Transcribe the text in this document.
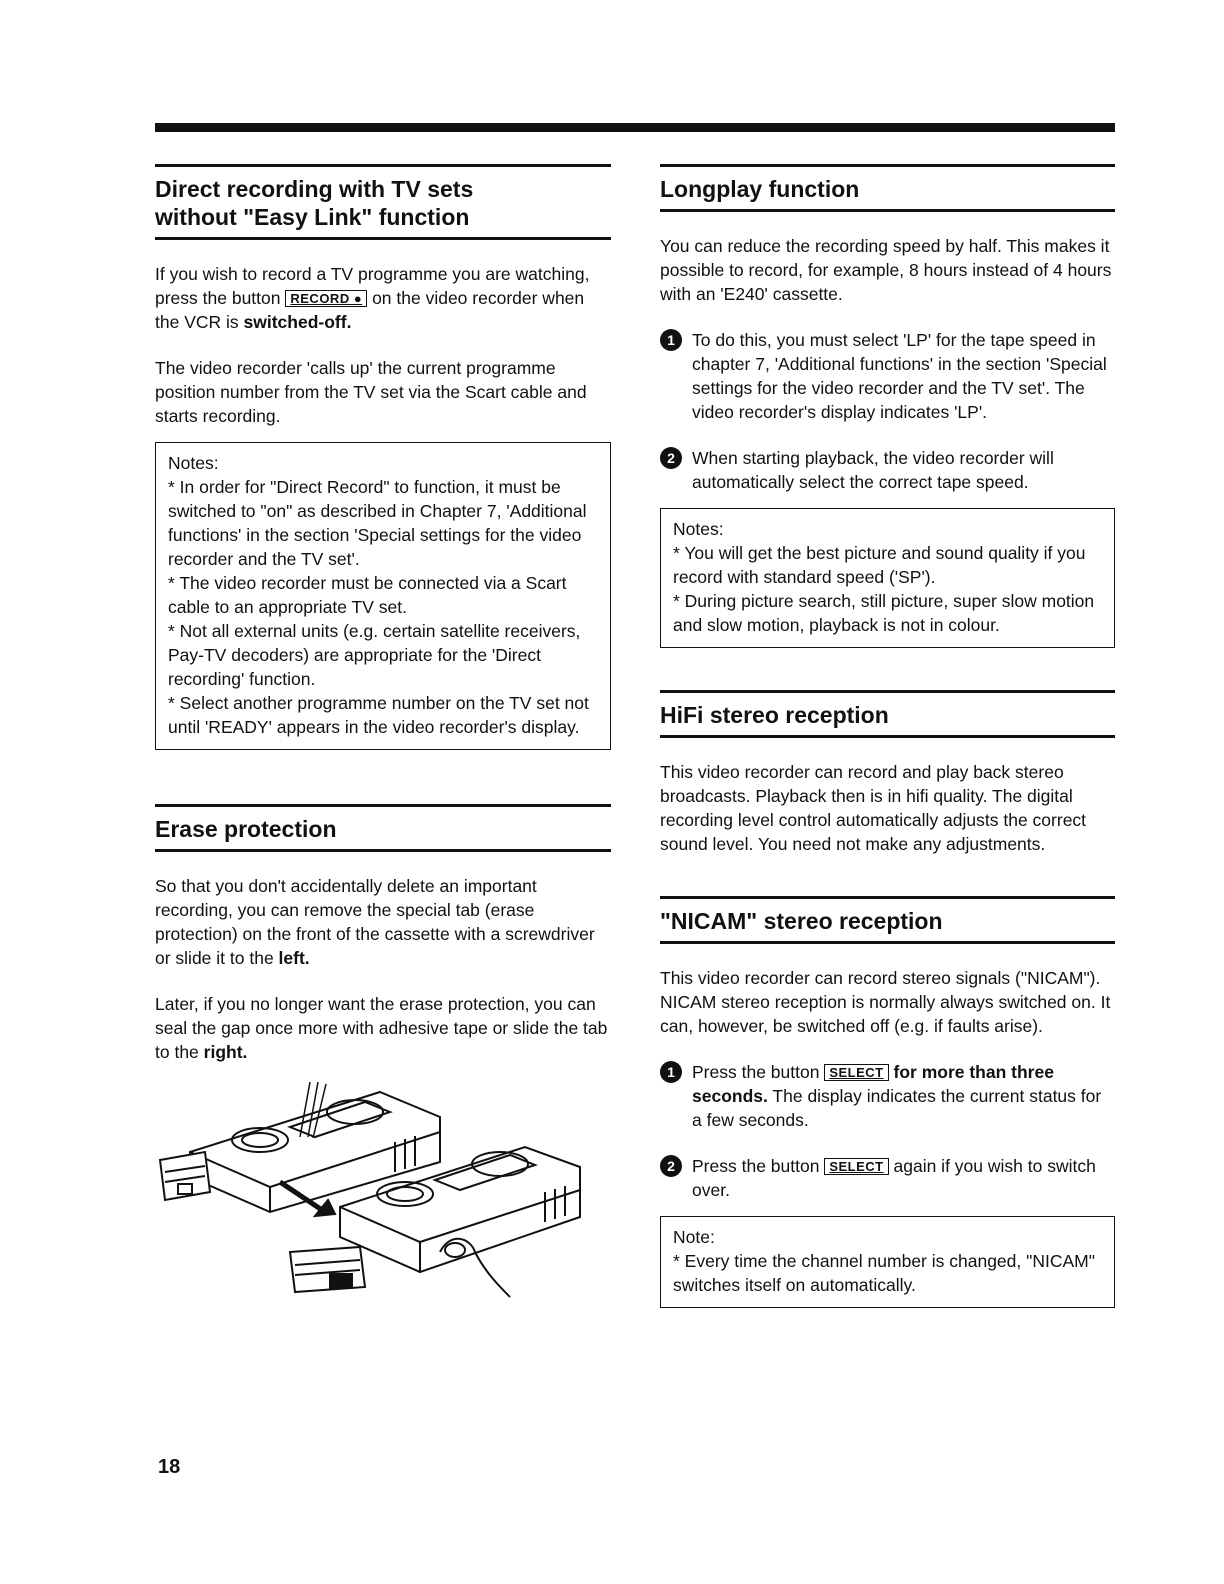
Direct recording with TV sets
without "Easy Link" function

If you wish to record a TV programme you are watching, press the button RECORD ● on the video recorder when the VCR is switched-off.

The video recorder 'calls up' the current programme position number from the TV set via the Scart cable and starts recording.

Notes:
* In order for "Direct Record" to function, it must be switched to "on" as described in Chapter 7, 'Additional functions' in the section 'Special settings for the video recorder and the TV set'.
* The video recorder must be connected via a Scart cable to an appropriate TV set.
* Not all external units (e.g. certain satellite receivers, Pay-TV decoders) are appropriate for the 'Direct recording' function.
* Select another programme number on the TV set not until 'READY' appears in the video recorder's display.
Erase protection

So that you don't accidentally delete an important recording, you can remove the special tab (erase protection) on the front of the cassette with a screwdriver or slide it to the left.

Later, if you no longer want the erase protection, you can seal the gap once more with adhesive tape or slide the tab to the right.

Longplay function

You can reduce the recording speed by half. This makes it possible to record, for example, 8 hours instead of 4 hours with an 'E240' cassette.

1 To do this, you must select 'LP' for the tape speed in chapter 7, 'Additional functions' in the section 'Special settings for the video recorder and the TV set'. The video recorder's display indicates 'LP'.
2 When starting playback, the video recorder will automatically select the correct tape speed.
Notes:
* You will get the best picture and sound quality if you record with standard speed ('SP').
* During picture search, still picture, super slow motion and slow motion, playback is not in colour.
HiFi stereo reception

This video recorder can record and play back stereo broadcasts. Playback then is in hifi quality. The digital recording level control automatically adjusts the correct sound level. You need not make any adjustments.

"NICAM" stereo reception

This video recorder can record stereo signals ("NICAM"). NICAM stereo reception is normally always switched on. It can, however, be switched off (e.g. if faults arise).

1 Press the button SELECT for more than three seconds. The display indicates the current status for a few seconds.
2 Press the button SELECT again if you wish to switch over.
Note:
* Every time the channel number is changed, "NICAM" switches itself on automatically.
18
